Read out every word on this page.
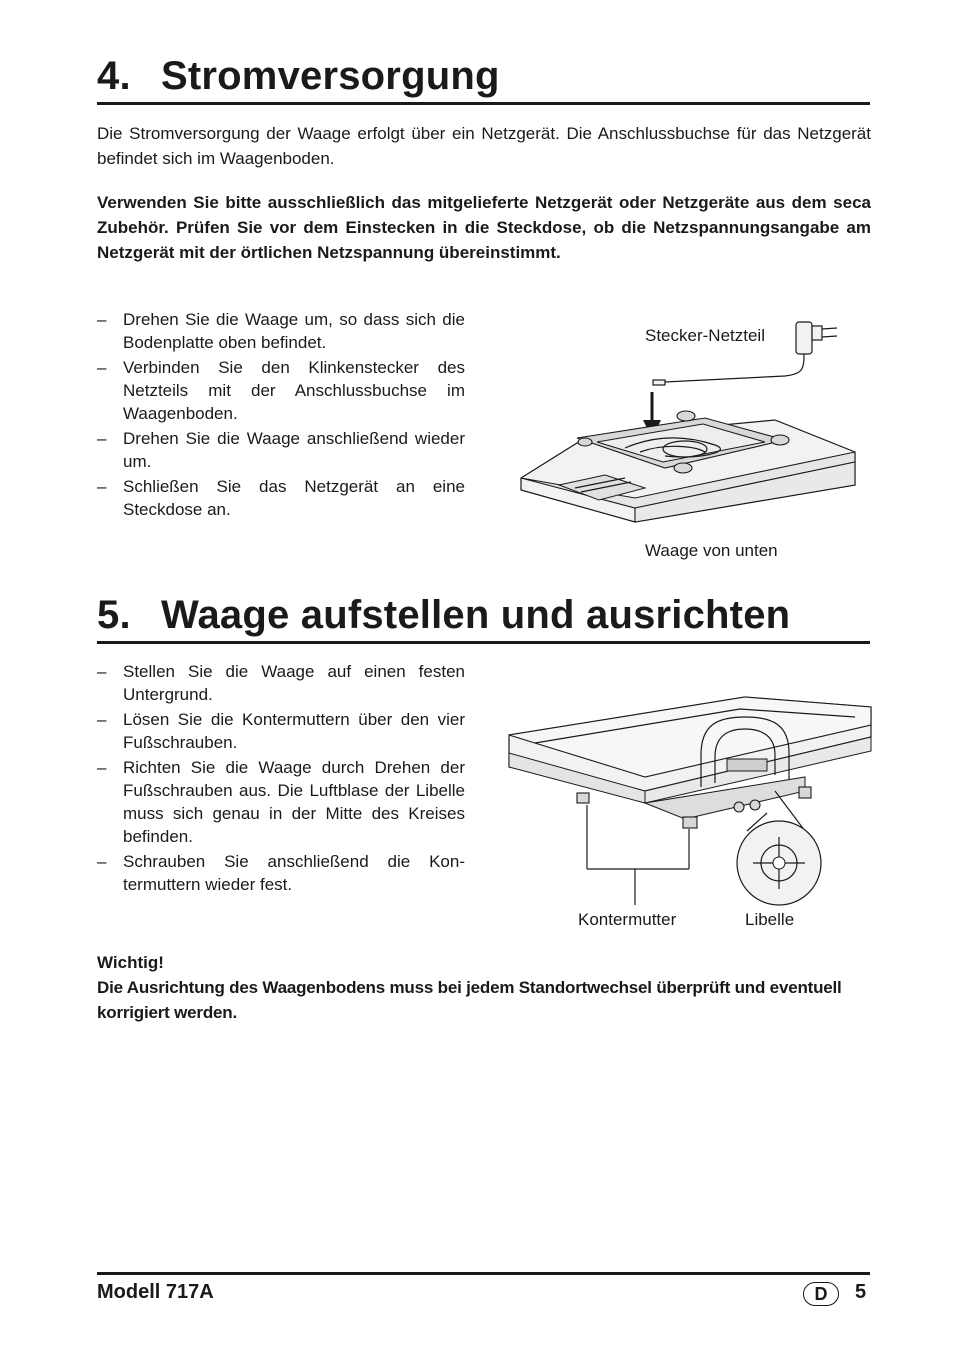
4. Stromversorgung

Die Stromversorgung der Waage erfolgt über ein Netzgerät. Die Anschlussbuchse für das Netzgerät befindet sich im Waagenboden.

Verwenden Sie bitte ausschließlich das mitgelieferte Netzgerät oder Netzgeräte aus dem seca Zubehör. Prüfen Sie vor dem Einstecken in die Steckdose, ob die Netzspannungsangabe am Netzgerät mit der örtlichen Netzspannung übereinstimmt.

– Drehen Sie die Waage um, so dass sich die Bodenplatte oben befindet.
– Verbinden Sie den Klinkenstecker des Netzteils mit der Anschlussbuchse im Waagenboden.
– Drehen Sie die Waage anschließend wieder um.
– Schließen Sie das Netzgerät an eine Steckdose an.
Stecker-Netzteil
Waage von unten
5. Waage aufstellen und ausrichten
– Stellen Sie die Waage auf einen festen Untergrund.
– Lösen Sie die Kontermuttern über den vier Fußschrauben.
– Richten Sie die Waage durch Drehen der Fußschrauben aus. Die Luftblase der Libelle muss sich genau in der Mitte des Kreises befinden.
– Schrauben Sie anschließend die Kontermuttern wieder fest.
Kontermutter	Libelle

Wichtig!

Die Ausrichtung des Waagenbodens muss bei jedem Standortwechsel überprüft und eventuell korrigiert werden.

Modell 717A	D	5
